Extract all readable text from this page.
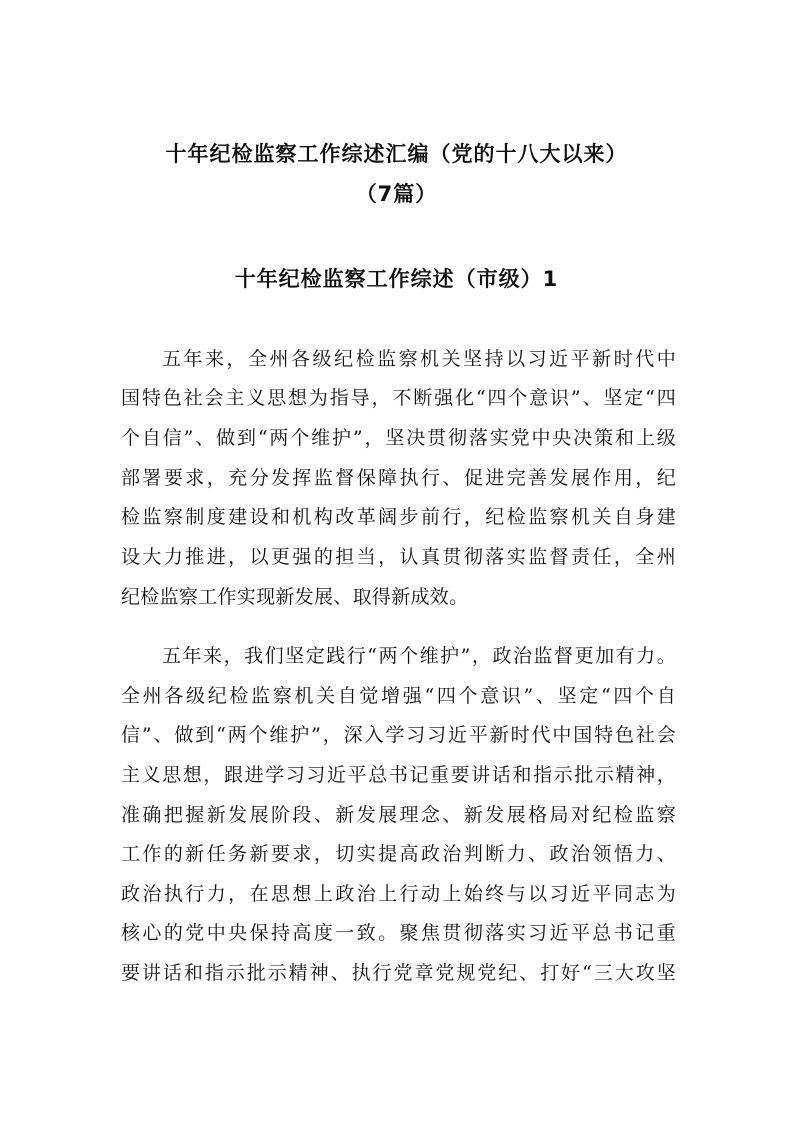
十年纪检监察工作综述汇编（党的十八大以来）
（7篇）
十年纪检监察工作综述（市级）1
五年来，全州各级纪检监察机关坚持以习近平新时代中
国特色社会主义思想为指导，不断强化“四个意识”、坚定“四
个自信”、做到“两个维护”，坚决贯彻落实党中央决策和上级
部署要求，充分发挥监督保障执行、促进完善发展作用，纪
检监察制度建设和机构改革阔步前行，纪检监察机关自身建
设大力推进，以更强的担当，认真贯彻落实监督责任，全州
纪检监察工作实现新发展、取得新成效。
五年来，我们坚定践行“两个维护”，政治监督更加有力。
全州各级纪检监察机关自觉增强“四个意识”、坚定“四个自
信”、做到“两个维护”，深入学习习近平新时代中国特色社会
主义思想，跟进学习习近平总书记重要讲话和指示批示精神，
准确把握新发展阶段、新发展理念、新发展格局对纪检监察
工作的新任务新要求，切实提高政治判断力、政治领悟力、
政治执行力，在思想上政治上行动上始终与以习近平同志为
核心的党中央保持高度一致。聚焦贯彻落实习近平总书记重
要讲话和指示批示精神、执行党章党规党纪、打好“三大攻坚
